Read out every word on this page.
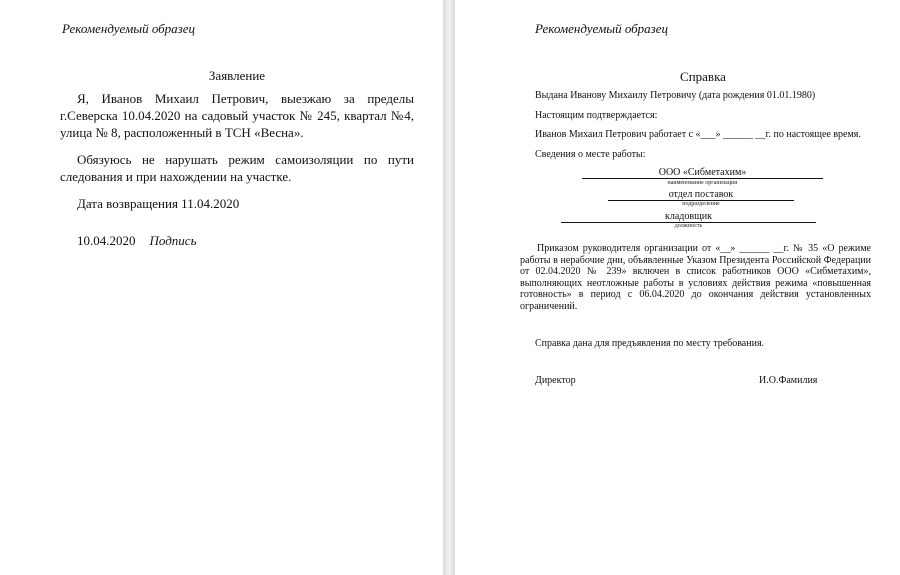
Рекомендуемый образец
Заявление

Я, Иванов Михаил Петрович, выезжаю за пределы г.Северска 10.04.2020 на садовый участок № 245, квартал №4, улица № 8, расположенный в ТСН «Весна».

Обязуюсь не нарушать режим самоизоляции по пути следования и при нахождении на участке.

Дата возвращения 11.04.2020

10.04.2020 Подпись
Рекомендуемый образец
Справка
Выдана Иванову Михаилу Петровичу (дата рождения 01.01.1980)
Настоящим подтверждается:
Иванов Михаил Петрович работает с «___» ______ __г. по настоящее время.
Сведения о месте работы:
ООО «Сибметахим»
наименование организации
отдел поставок
подразделение
кладовщик
должность

Приказом руководителя организации от «__» ______ __г. № 35 «О режиме работы в нерабочие дни, объявленные Указом Президента Российской Федерации от 02.04.2020 № 239» включен в список работников ООО «Сибметахим», выполняющих неотложные работы в условиях действия режима «повышенная готовность» в период с 06.04.2020 до окончания действия установленных ограничений.

Справка дана для предъявления по месту требования.
Директор	И.О.Фамилия
